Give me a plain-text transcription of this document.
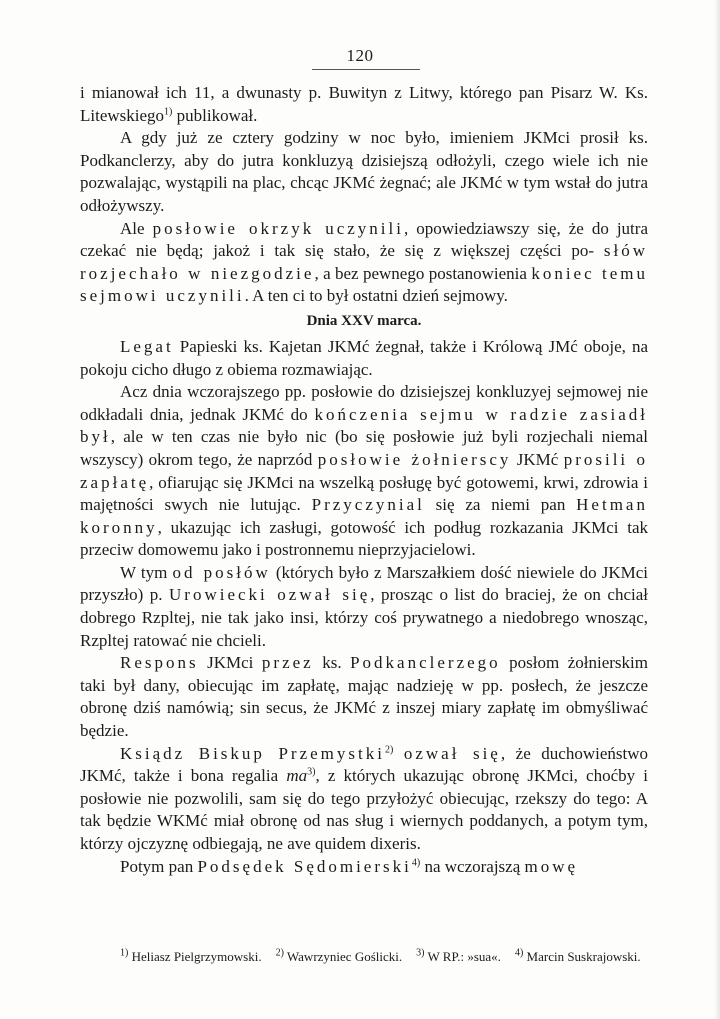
120

i mianował ich 11, a dwunasty p. Buwityn z Litwy, którego pan Pisarz W. Ks. Litewskiego$^{1)}$ publikował.

A gdy już ze cztery godziny w noc było, imieniem JKMci prosił ks. Podkanclerzy, aby do jutra konkluzyą dzisiejszą odłożyli, czego wiele ich nie pozwalając, wystąpili na plac, chcąc JKMć żegnać; ale JKMć w tym wstał do jutra odłożywszy.

Ale posłowie okrzyk uczynili, opowiedziawszy się, że do jutra czekać nie będą; jakoż i tak się stało, że się z większej części po- słów rozjechało w niezgodzie, a bez pewnego postanowienia koniec temu sejmowi uczynili. A ten ci to był ostatni dzień sejmowy.

Dnia XXV marca.

Legat Papieski ks. Kajetan JKMć żegnał, także i Królową JMć oboje, na pokoju cicho długo z obiema rozmawiając.

Acz dnia wczorajszego pp. posłowie do dzisiejszej konkluzyej sejmowej nie odkładali dnia, jednak JKMć do kończenia sejmu w radzie zasiadł był, ale w ten czas nie było nic (bo się posłowie już byli rozjechali niemal wszyscy) okrom tego, że naprzód posłowie żołnierscy JKMć prosili o zapłatę, ofiarując się JKMci na wszelką posługę być gotowemi, krwi, zdrowia i majętności swych nie lutując. Przyczynial się za niemi pan Hetman koronny, ukazując ich zasługi, gotowość ich podług rozkazania JKMci tak przeciw domowemu jako i postronnemu nieprzyjacielowi.

W tym od posłów (których było z Marszałkiem dość niewiele do JKMci przyszło) p. Urowiecki ozwał się, prosząc o list do braciej, że on chciał dobrego Rzpltej, nie tak jako insi, którzy coś prywatnego a niedobrego wnosząc, Rzpltej ratować nie chcieli.

Respons JKMci przez ks. Podkanclerzego posłom żołnierskim taki był dany, obiecując im zapłatę, mając nadzieję w pp. posłech, że jeszcze obronę dziś namówią; sin secus, że JKMć z inszej miary zapłatę im obmyśliwać będzie.

Ksiądz Biskup Przemystki$^{2)}$ ozwał się, że duchowieństwo JKMć, także i bona regalia $ma^{3)}$, z których ukazując obronę JKMci, choćby i posłowie nie pozwolili, sam się do tego przyłożyć obiecując, rzekszy do tego: A tak będzie WKMć miał obronę od nas sług i wiernych poddanych, a potym tym, którzy ojczyznę odbiegają, ne ave quidem dixeris.

Potym pan Podsędek Sędomierski$^{4)}$ na wczorajszą mowę

$^{1)}$ Heliasz Pielgrzymowski. $^{2)}$ Wawrzyniec Goślicki. $^{3)}$ W RP.: »sua«. $^{4)}$ Marcin Suskrajowski.
